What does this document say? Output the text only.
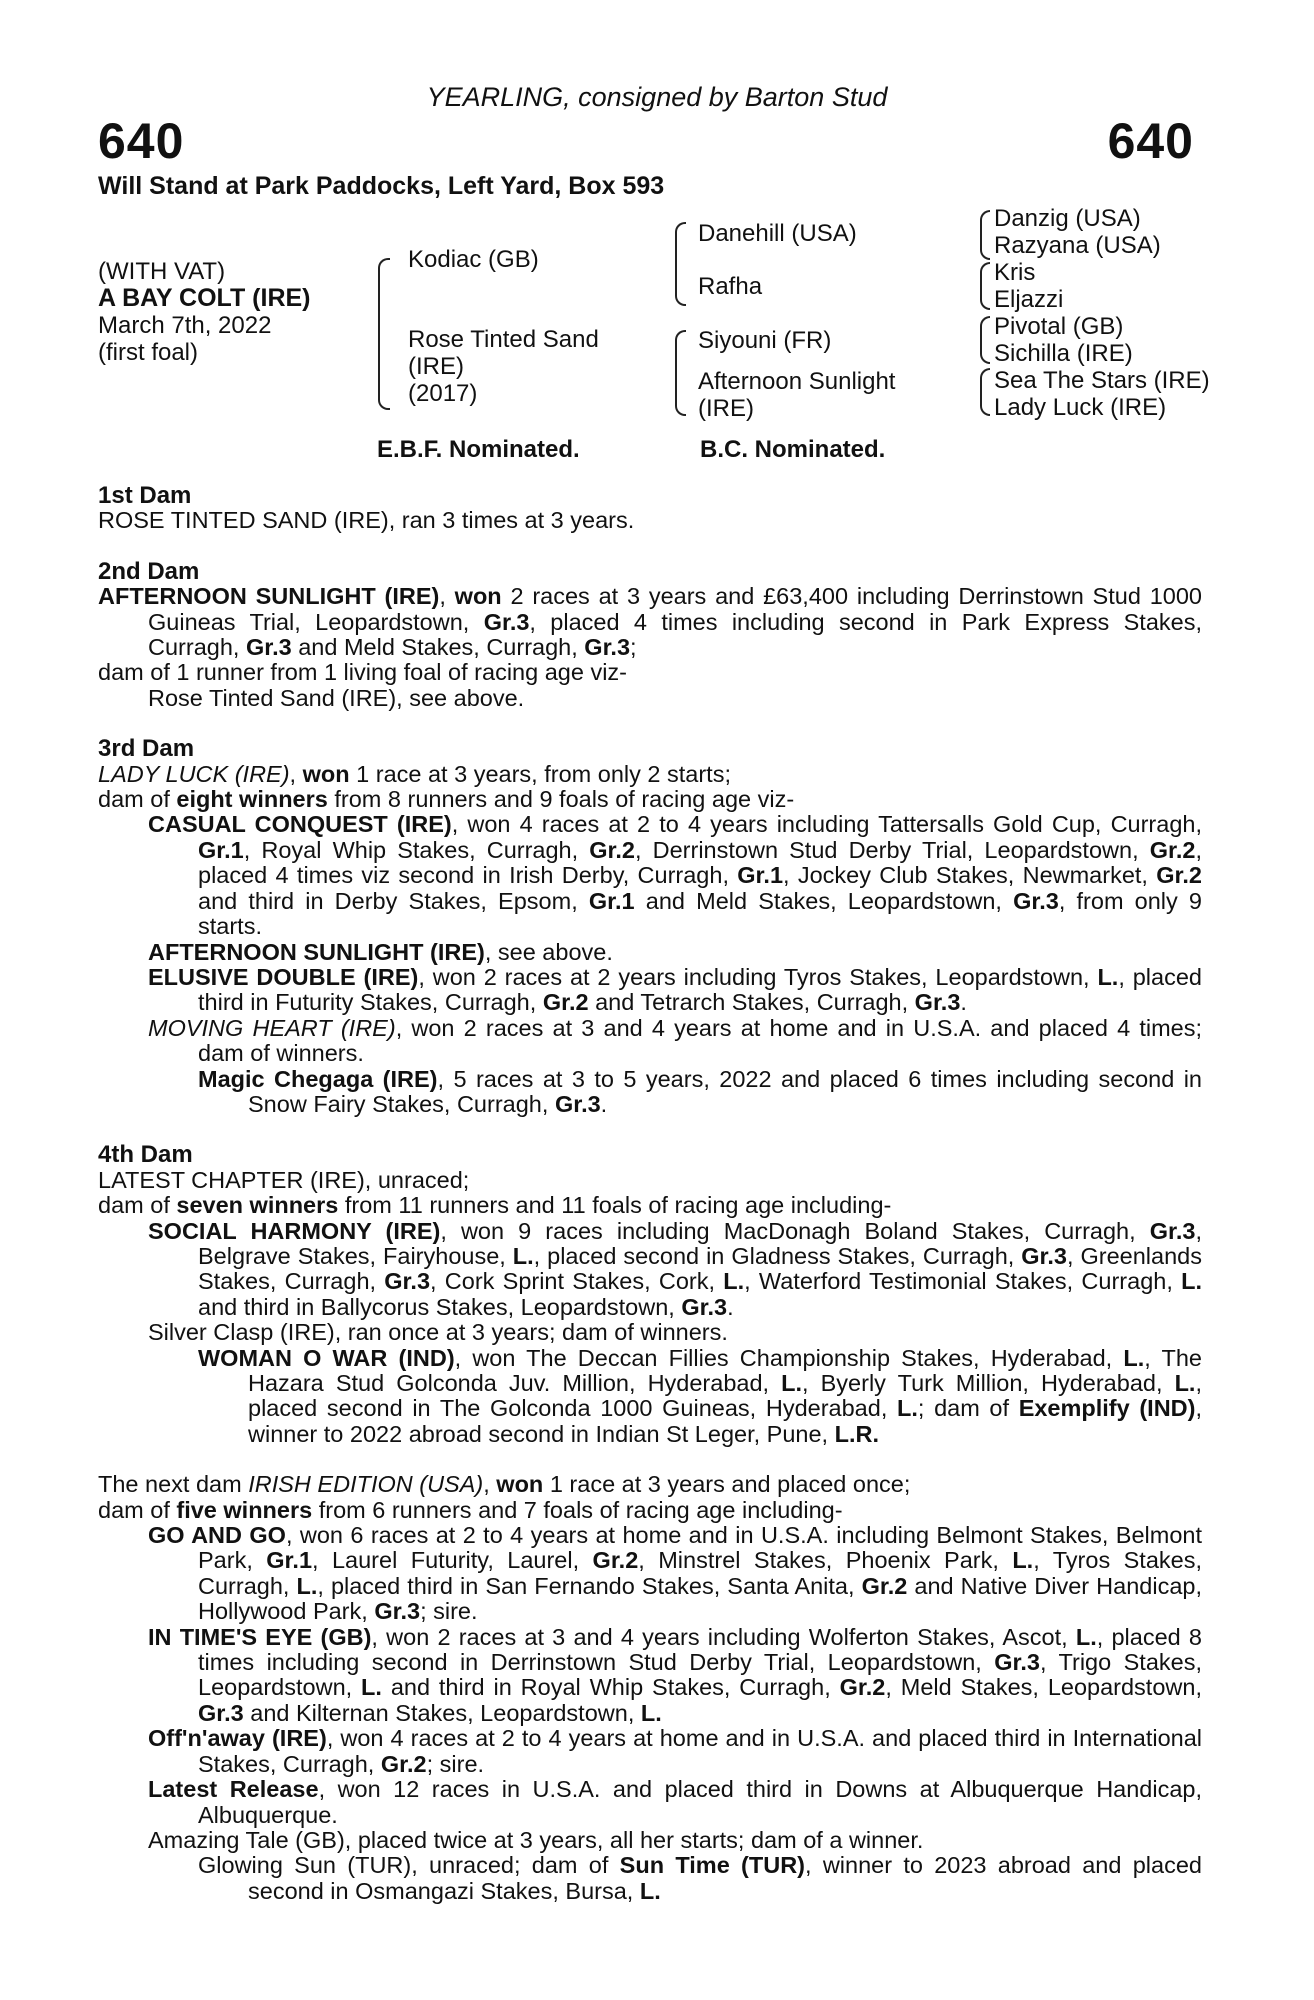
YEARLING, consigned by Barton Stud
640	640
Will Stand at Park Paddocks, Left Yard, Box 593
(WITH VAT)
A BAY COLT (IRE)
March 7th, 2022
(first foal)
Kodiac (GB)
Rose Tinted Sand
(IRE)
(2017)
Danehill (USA)
Rafha
Siyouni (FR)
Afternoon Sunlight
(IRE)
Danzig (USA)
Razyana (USA)
Kris
Eljazzi
Pivotal (GB)
Sichilla (IRE)
Sea The Stars (IRE)
Lady Luck (IRE)
E.B.F. Nominated.	B.C. Nominated.

1st Dam

ROSE TINTED SAND (IRE), ran 3 times at 3 years.

2nd Dam

AFTERNOON SUNLIGHT (IRE), won 2 races at 3 years and £63,400 including Derrinstown Stud 1000 Guineas Trial, Leopardstown, Gr.3, placed 4 times including second in Park Express Stakes, Curragh, Gr.3 and Meld Stakes, Curragh, Gr.3;

dam of 1 runner from 1 living foal of racing age viz-

Rose Tinted Sand (IRE), see above.

3rd Dam

LADY LUCK (IRE), won 1 race at 3 years, from only 2 starts;

dam of eight winners from 8 runners and 9 foals of racing age viz-

CASUAL CONQUEST (IRE), won 4 races at 2 to 4 years including Tattersalls Gold Cup, Curragh, Gr.1, Royal Whip Stakes, Curragh, Gr.2, Derrinstown Stud Derby Trial, Leopardstown, Gr.2, placed 4 times viz second in Irish Derby, Curragh, Gr.1, Jockey Club Stakes, Newmarket, Gr.2 and third in Derby Stakes, Epsom, Gr.1 and Meld Stakes, Leopardstown, Gr.3, from only 9 starts.

AFTERNOON SUNLIGHT (IRE), see above.

ELUSIVE DOUBLE (IRE), won 2 races at 2 years including Tyros Stakes, Leopardstown, L., placed third in Futurity Stakes, Curragh, Gr.2 and Tetrarch Stakes, Curragh, Gr.3.

MOVING HEART (IRE), won 2 races at 3 and 4 years at home and in U.S.A. and placed 4 times; dam of winners.

Magic Chegaga (IRE), 5 races at 3 to 5 years, 2022 and placed 6 times including second in Snow Fairy Stakes, Curragh, Gr.3.

4th Dam

LATEST CHAPTER (IRE), unraced;

dam of seven winners from 11 runners and 11 foals of racing age including-

SOCIAL HARMONY (IRE), won 9 races including MacDonagh Boland Stakes, Curragh, Gr.3, Belgrave Stakes, Fairyhouse, L., placed second in Gladness Stakes, Curragh, Gr.3, Greenlands Stakes, Curragh, Gr.3, Cork Sprint Stakes, Cork, L., Waterford Testimonial Stakes, Curragh, L. and third in Ballycorus Stakes, Leopardstown, Gr.3.

Silver Clasp (IRE), ran once at 3 years; dam of winners.

WOMAN O WAR (IND), won The Deccan Fillies Championship Stakes, Hyderabad, L., The Hazara Stud Golconda Juv. Million, Hyderabad, L., Byerly Turk Million, Hyderabad, L., placed second in The Golconda 1000 Guineas, Hyderabad, L.; dam of Exemplify (IND), winner to 2022 abroad second in Indian St Leger, Pune, L.R.

The next dam IRISH EDITION (USA), won 1 race at 3 years and placed once;

dam of five winners from 6 runners and 7 foals of racing age including-

GO AND GO, won 6 races at 2 to 4 years at home and in U.S.A. including Belmont Stakes, Belmont Park, Gr.1, Laurel Futurity, Laurel, Gr.2, Minstrel Stakes, Phoenix Park, L., Tyros Stakes, Curragh, L., placed third in San Fernando Stakes, Santa Anita, Gr.2 and Native Diver Handicap, Hollywood Park, Gr.3; sire.

IN TIME'S EYE (GB), won 2 races at 3 and 4 years including Wolferton Stakes, Ascot, L., placed 8 times including second in Derrinstown Stud Derby Trial, Leopardstown, Gr.3, Trigo Stakes, Leopardstown, L. and third in Royal Whip Stakes, Curragh, Gr.2, Meld Stakes, Leopardstown, Gr.3 and Kilternan Stakes, Leopardstown, L.

Off'n'away (IRE), won 4 races at 2 to 4 years at home and in U.S.A. and placed third in International Stakes, Curragh, Gr.2; sire.

Latest Release, won 12 races in U.S.A. and placed third in Downs at Albuquerque Handicap, Albuquerque.

Amazing Tale (GB), placed twice at 3 years, all her starts; dam of a winner.

Glowing Sun (TUR), unraced; dam of Sun Time (TUR), winner to 2023 abroad and placed second in Osmangazi Stakes, Bursa, L.
